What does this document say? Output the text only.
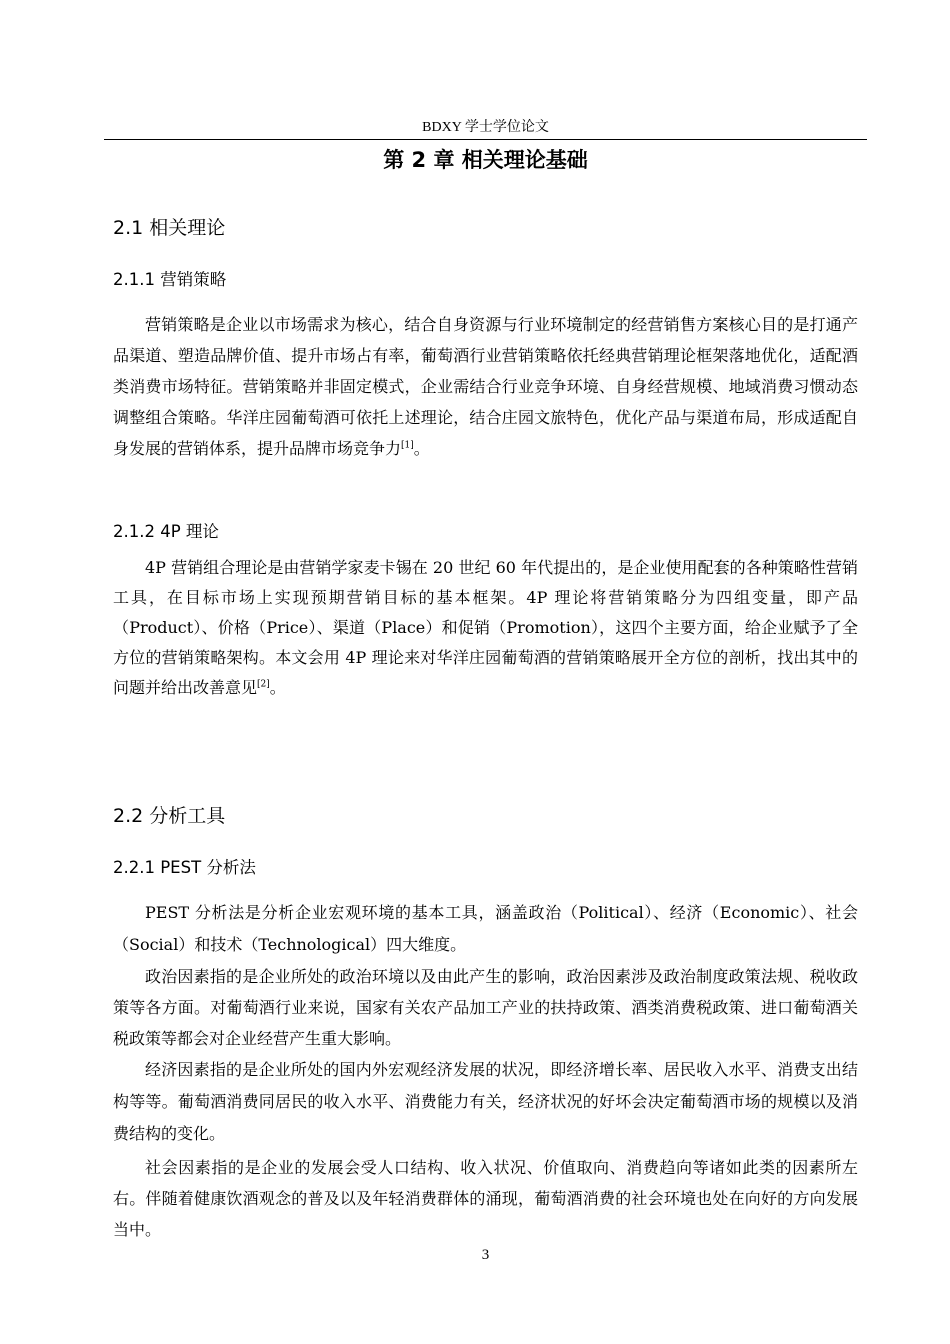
BDXY 学士学位论文
第 2 章 相关理论基础
2.1 相关理论
2.1.1 营销策略

营销策略是企业以市场需求为核心，结合自身资源与行业环境制定的经营销售方案核心目的是打通产品渠道、塑造品牌价值、提升市场占有率，葡萄酒行业营销策略依托经典营销理论框架落地优化，适配酒类消费市场特征。营销策略并非固定模式，企业需结合行业竞争环境、自身经营规模、地域消费习惯动态调整组合策略。华洋庄园葡萄酒可依托上述理论，结合庄园文旅特色，优化产品与渠道布局，形成适配自身发展的营销体系，提升品牌市场竞争力[1]。

2.1.2 4P 理论

4P 营销组合理论是由营销学家麦卡锡在 20 世纪 60 年代提出的，是企业使用配套的各种策略性营销工具，在目标市场上实现预期营销目标的基本框架。4P 理论将营销策略分为四组变量，即产品（Product）、价格（Price）、渠道（Place）和促销（Promotion），这四个主要方面，给企业赋予了全方位的营销策略架构。本文会用 4P 理论来对华洋庄园葡萄酒的营销策略展开全方位的剖析，找出其中的问题并给出改善意见[2]。

2.2 分析工具
2.2.1 PEST 分析法

PEST 分析法是分析企业宏观环境的基本工具，涵盖政治（Political）、经济（Economic）、社会（Social）和技术（Technological）四大维度。

政治因素指的是企业所处的政治环境以及由此产生的影响，政治因素涉及政治制度政策法规、税收政策等各方面。对葡萄酒行业来说，国家有关农产品加工产业的扶持政策、酒类消费税政策、进口葡萄酒关税政策等都会对企业经营产生重大影响。

经济因素指的是企业所处的国内外宏观经济发展的状况，即经济增长率、居民收入水平、消费支出结构等等。葡萄酒消费同居民的收入水平、消费能力有关，经济状况的好坏会决定葡萄酒市场的规模以及消费结构的变化。

社会因素指的是企业的发展会受人口结构、收入状况、价值取向、消费趋向等诸如此类的因素所左右。伴随着健康饮酒观念的普及以及年轻消费群体的涌现，葡萄酒消费的社会环境也处在向好的方向发展当中。

3
